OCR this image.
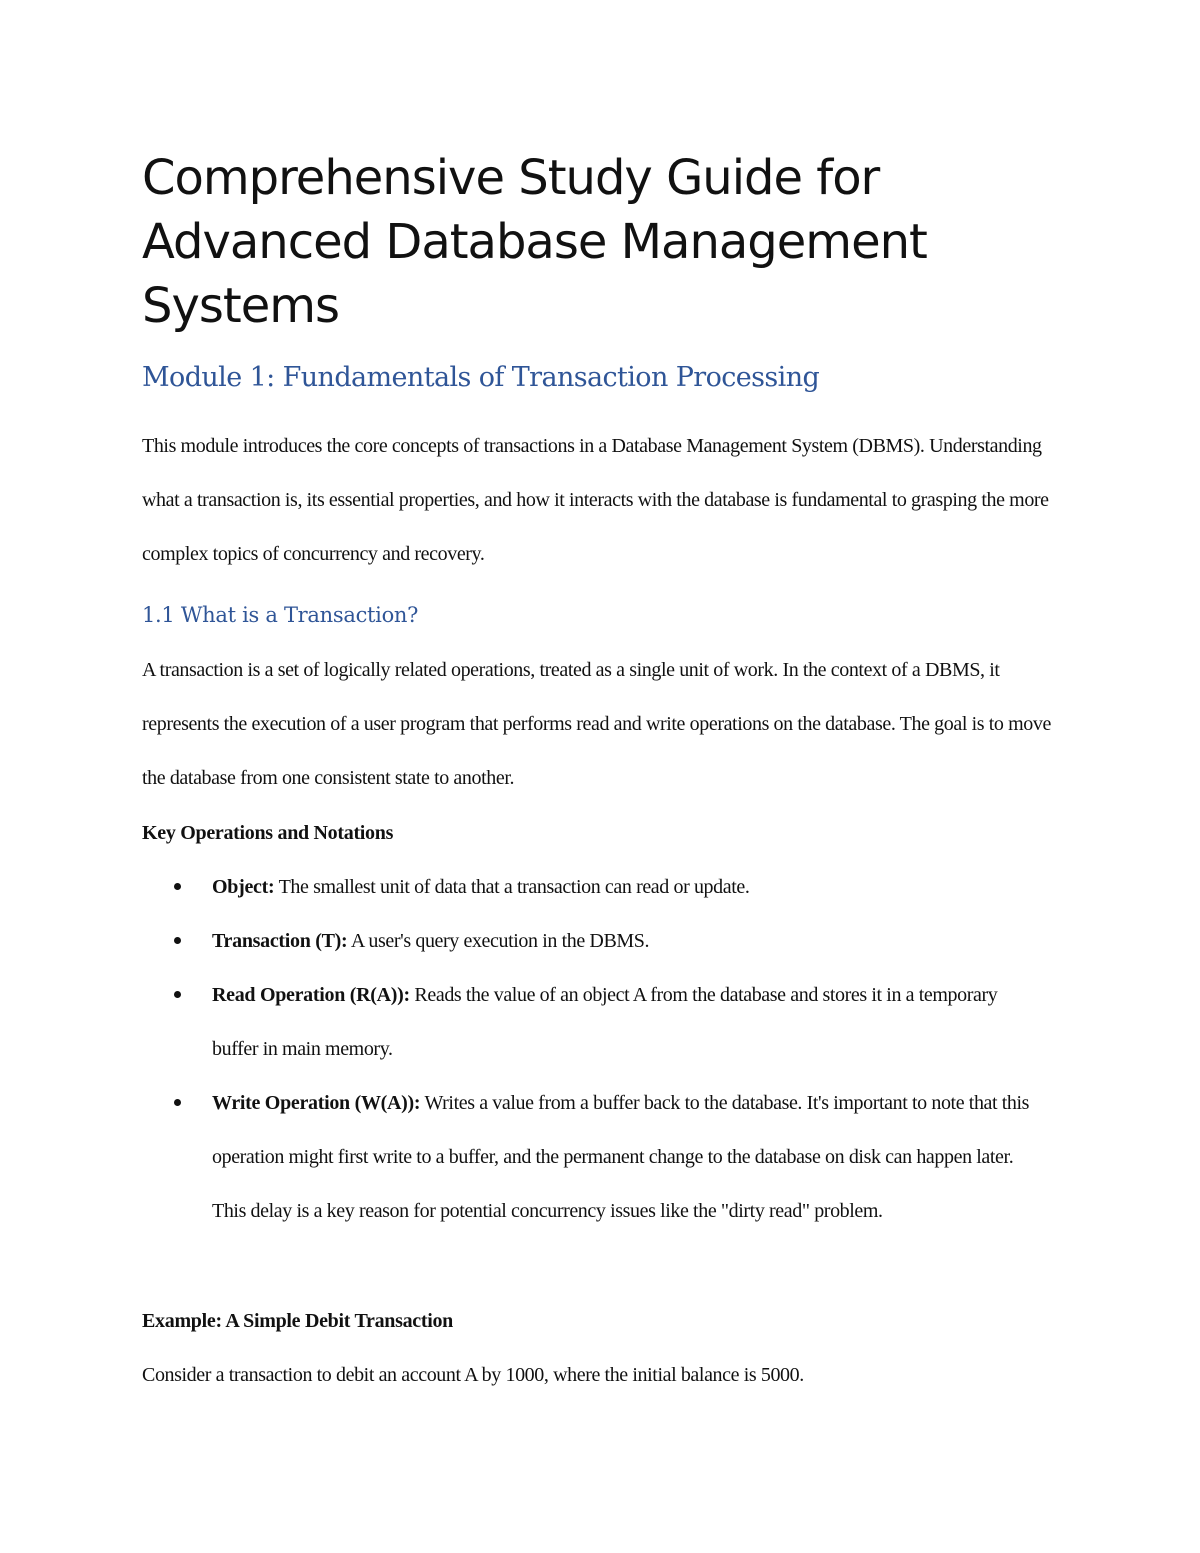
Comprehensive Study Guide for Advanced Database Management Systems
Module 1: Fundamentals of Transaction Processing

This module introduces the core concepts of transactions in a Database Management System (DBMS). Understanding what a transaction is, its essential properties, and how it interacts with the database is fundamental to grasping the more complex topics of concurrency and recovery.

1.1 What is a Transaction?

A transaction is a set of logically related operations, treated as a single unit of work. In the context of a DBMS, it represents the execution of a user program that performs read and write operations on the database. The goal is to move the database from one consistent state to another.

Key Operations and Notations

Object: The smallest unit of data that a transaction can read or update.
Transaction (T): A user's query execution in the DBMS.
Read Operation (R(A)): Reads the value of an object A from the database and stores it in a temporary buffer in main memory.
Write Operation (W(A)): Writes a value from a buffer back to the database. It's important to note that this operation might first write to a buffer, and the permanent change to the database on disk can happen later. This delay is a key reason for potential concurrency issues like the "dirty read" problem.

Example: A Simple Debit Transaction

Consider a transaction to debit an account A by 1000, where the initial balance is 5000.
